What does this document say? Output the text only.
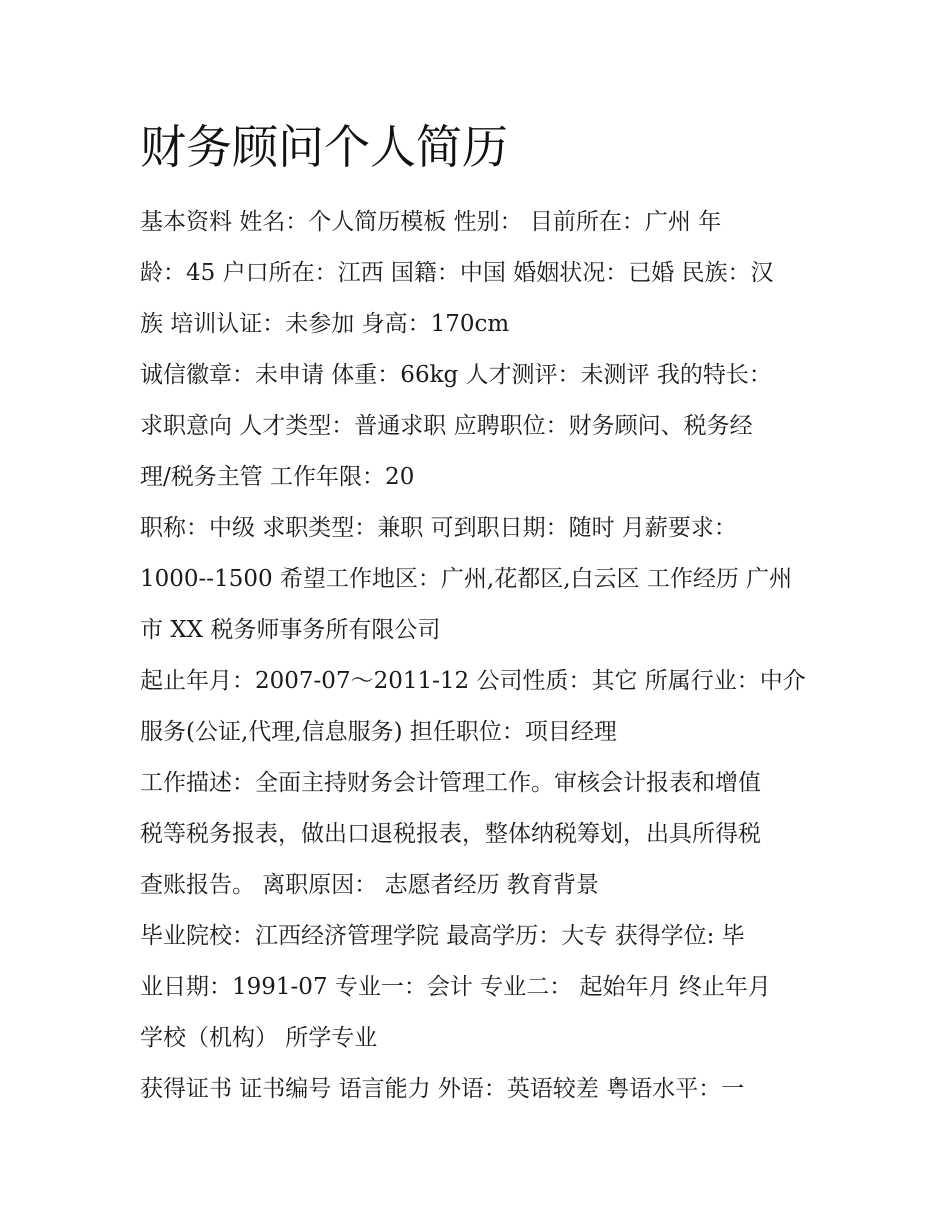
财务顾问个人简历

基本资料 姓名：个人简历模板 性别： 目前所在：广州 年
龄：45 户口所在：江西 国籍：中国 婚姻状况：已婚 民族：汉
族 培训认证：未参加 身高：170cm

诚信徽章：未申请 体重：66kg 人才测评：未测评 我的特长：
求职意向 人才类型：普通求职 应聘职位：财务顾问、税务经
理/税务主管 工作年限：20

职称：中级 求职类型：兼职 可到职日期：随时 月薪要求：
1000--1500 希望工作地区：广州,花都区,白云区 工作经历 广州
市 XX 税务师事务所有限公司

起止年月：2007-07～2011-12 公司性质：其它 所属行业：中介
服务(公证,代理,信息服务) 担任职位：项目经理

工作描述：全面主持财务会计管理工作。审核会计报表和增值
税等税务报表，做出口退税报表，整体纳税筹划，出具所得税
查账报告。 离职原因： 志愿者经历 教育背景

毕业院校：江西经济管理学院 最高学历：大专 获得学位: 毕
业日期：1991-07 专业一：会计 专业二： 起始年月 终止年月
学校（机构） 所学专业

获得证书 证书编号 语言能力 外语：英语较差 粤语水平：一
